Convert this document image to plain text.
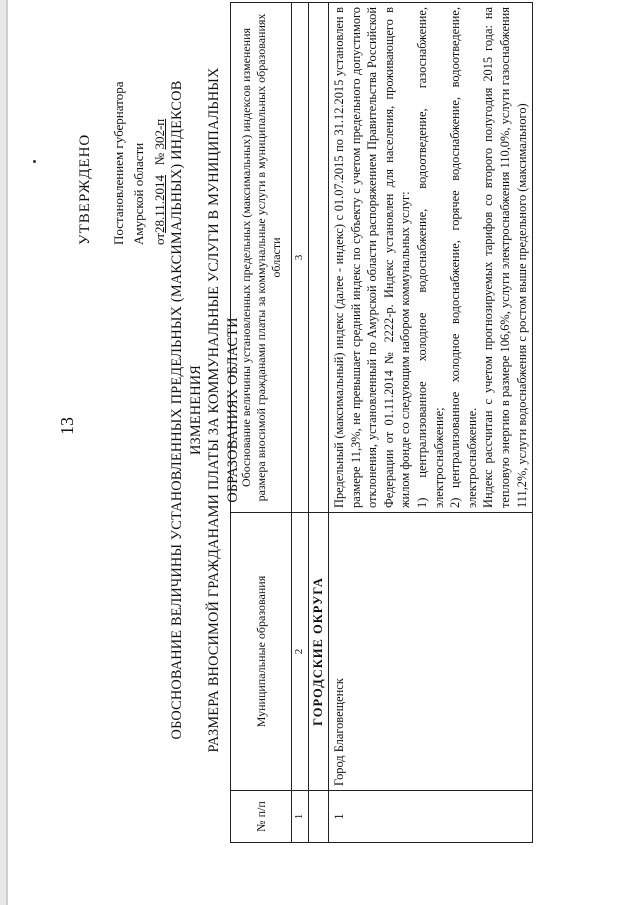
13
УТВЕРЖДЕНО	Постановлением губернатора Амурской области от28.11.2014   № 302-п ОБОСНОВАНИЕ ВЕЛИЧИНЫ УСТАНОВЛЕННЫХ ПРЕДЕЛЬНЫХ (МАКСИМАЛЬНЫХ) ИНДЕКСОВ ИЗМЕНЕНИЯ РАЗМЕРА ВНОСИМОЙ ГРАЖДАНАМИ ПЛАТЫ ЗА КОММУНАЛЬНЫЕ УСЛУГИ В МУНИЦИПАЛЬНЫХ ОБРАЗОВАНИЯХ ОБЛАСТИ
№ п/п	Муниципальные образования	Обоснование величины установленных предельных (максимальных) индексов изменения размера вносимой гражданами платы за коммунальные услуги в муниципальных образованиях области
1	2	3
	ГОРОДСКИЕ ОКРУГА	
1	Город Благовещенск	Предельный (максимальный) индекс (далее - индекс) с 01.07.2015 по 31.12.2015 установлен в размере 11,3%, не превышает средний индекс по субъекту с учетом предельного допустимого отклонения, установленный по Амурской области распоряжением Правительства Российской Федерации от 01.11.2014 № 2222-р. Индекс установлен для населения, проживающего в жилом фонде со следующим набором коммунальных услуг: 1) централизованное холодное водоснабжение, водоотведение, газоснабжение, электроснабжение; 2) централизованное холодное водоснабжение, горячее водоснабжение, водоотведение, электроснабжение. Индекс рассчитан с учетом прогнозируемых тарифов со второго полугодия 2015 года: на тепловую энергию в размере 106,6%, услуги электроснабжения 110,0%, услуги газоснабжения 111,2%, услуги водоснабжения с ростом выше предельного (максимального)
